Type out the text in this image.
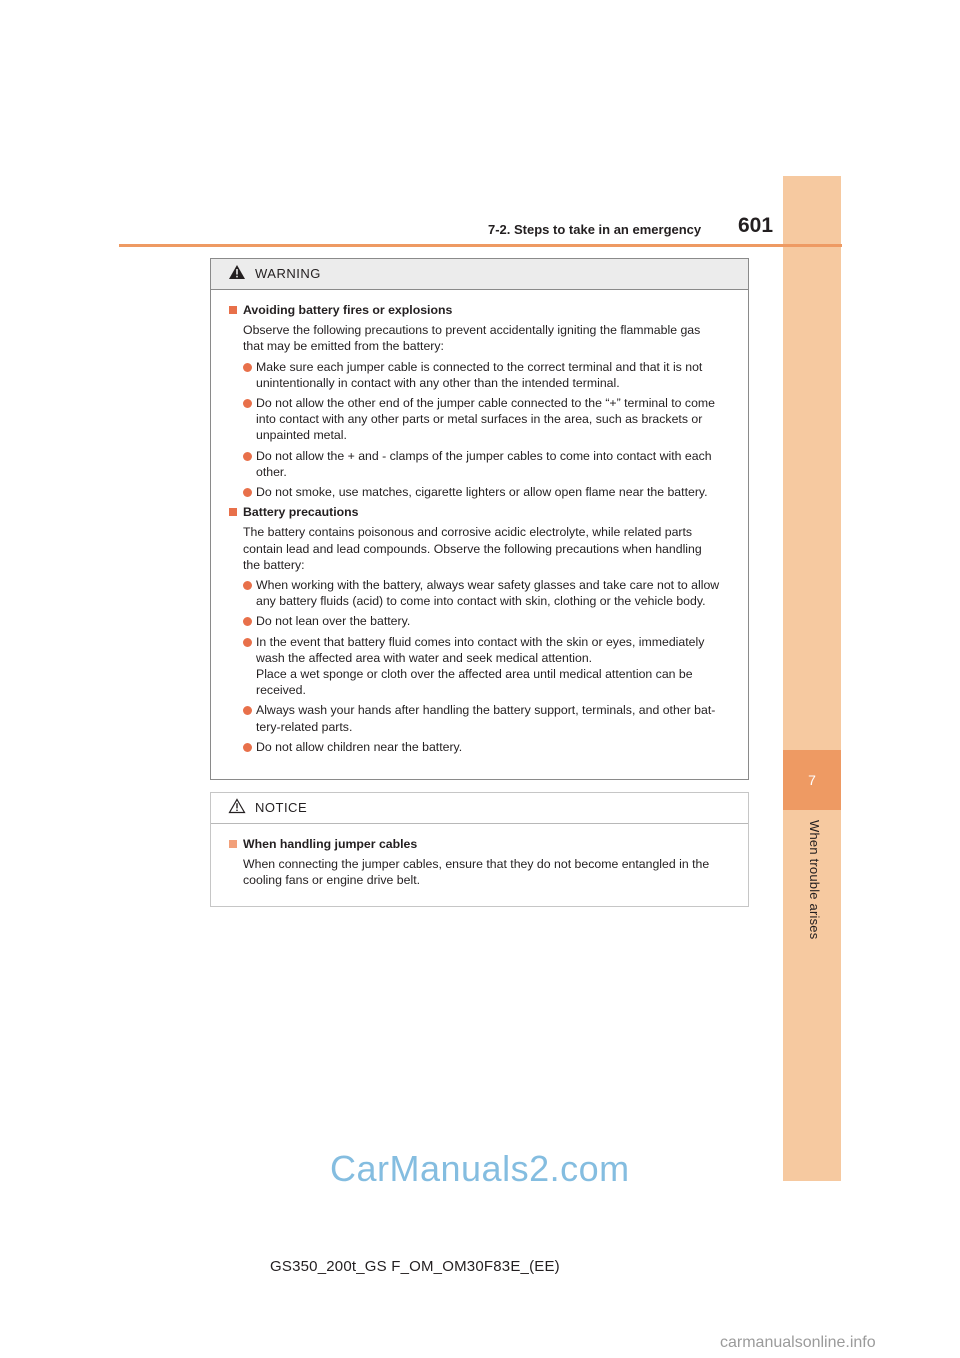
7
When trouble arises
7-2. Steps to take in an emergency 601
WARNING
Avoiding battery fires or explosions
Observe the following precautions to prevent accidentally igniting the flammable gas
that may be emitted from the battery:
Make sure each jumper cable is connected to the correct terminal and that it is not
unintentionally in contact with any other than the intended terminal.
Do not allow the other end of the jumper cable connected to the “+” terminal to come
into contact with any other parts or metal surfaces in the area, such as brackets or
unpainted metal.
Do not allow the + and - clamps of the jumper cables to come into contact with each
other.
Do not smoke, use matches, cigarette lighters or allow open flame near the battery.
Battery precautions
The battery contains poisonous and corrosive acidic electrolyte, while related parts
contain lead and lead compounds. Observe the following precautions when handling
the battery:
When working with the battery, always wear safety glasses and take care not to allow
any battery fluids (acid) to come into contact with skin, clothing or the vehicle body.
Do not lean over the battery.
In the event that battery fluid comes into contact with the skin or eyes, immediately
wash the affected area with water and seek medical attention.
Place a wet sponge or cloth over the affected area until medical attention can be
received.
Always wash your hands after handling the battery support, terminals, and other bat-
tery-related parts.
Do not allow children near the battery.
NOTICE
When handling jumper cables
When connecting the jumper cables, ensure that they do not become entangled in the
cooling fans or engine drive belt.
GS350_200t_GS F_OM_OM30F83E_(EE)
CarManuals2.com
carmanualsonline.info
